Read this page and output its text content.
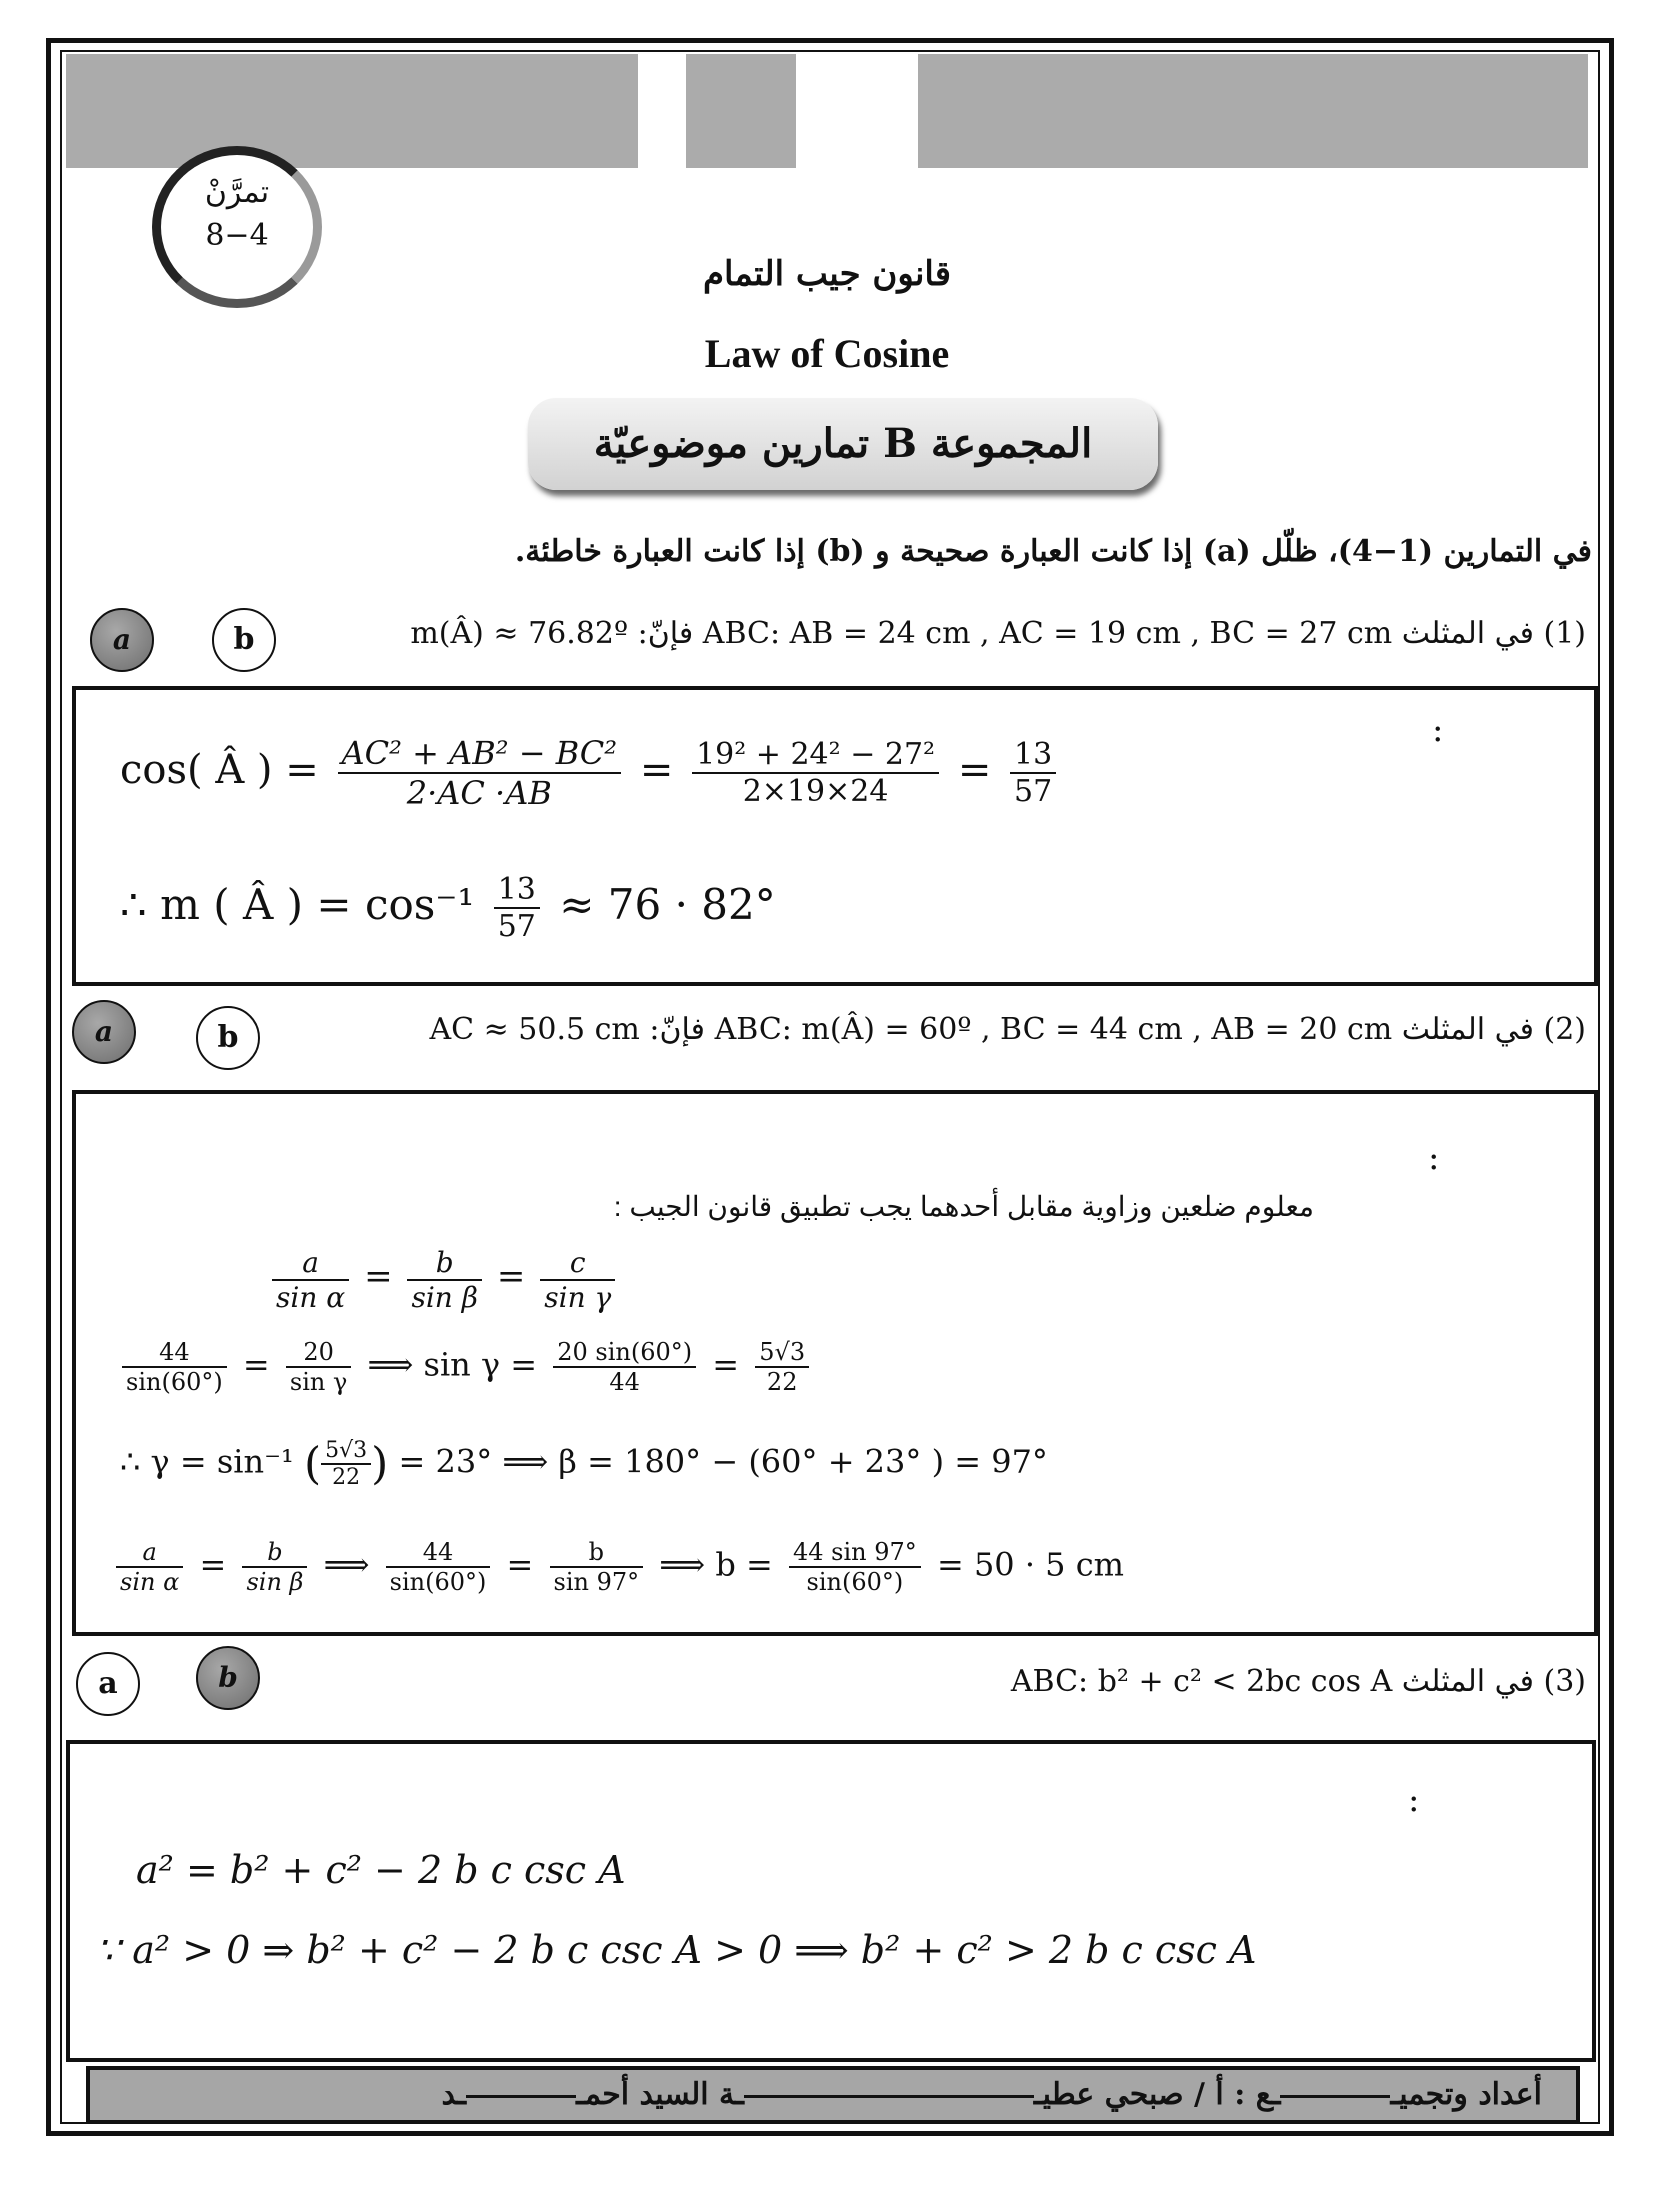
تمرَّنْ
8−4
قانون جيب التمام
Law of Cosine
المجموعة B تمارين موضوعيّة
في التمارين (1−4)، ظلّل (a) إذا كانت العبارة صحيحة و (b) إذا كانت العبارة خاطئة.
a	b	(1) في المثلث ABC: AB = 24 cm , AC = 19 cm , BC = 27 cm فإنّ: m(Â) ≈ 76.82º
:
cos( Â ) = $\frac{\text{AC² + AB² − BC²}}{2\cdot AC \cdot AB} = \frac{\text{19² + 24² − 27²}}{2\times 19\times 24} = \frac{13}{57}$
∴ m ( Â ) = $\cos^{-1} \frac{13}{57} \approx 76 \cdot 82^\circ$
a	b	(2) في المثلث ABC: m(Â) = 60º , BC = 44 cm , AB = 20 cm فإنّ: AC ≈ 50.5 cm
:
معلوم ضلعين وزاوية مقابل أحدهما يجب تطبيق قانون الجيب :
$\frac{a}{\text{sin α}} = \frac{b}{\text{sin β}} = \frac{c}{\text{sin γ}}$
$\frac{44}{\sin(60^\circ)} = \frac{20}{\text{sin γ}}$ ⟹ $\sin \gamma = \frac{20 \sin(60^\circ)}{44} = \frac{5√3}{22}$
∴ γ = sin⁻¹ ( $\frac{5√3}{22}$ ) = 23° ⟹ β = 180° − (60° + 23° ) = 97°
$\frac{a}{\text{sin α}} = \frac{b}{\text{sin β}}$ ⟹ $\frac{44}{\sin(60^\circ)} = \frac{b}{\sin 97^\circ}$ ⟹ $b = \frac{44 \sin 97^\circ}{\sin(60^\circ)} = 50 \cdot 5$ cm
a	b	(3) في المثلث ABC: b² + c² < 2bc cos A
:
a² = b² + c² − 2 b c csc A
∵ a² > 0 ⇒ b² + c² − 2 b c csc A > 0 ⟹ b² + c² > 2 b c csc A
أعداد وتجميــع : أ / صبحي عطيــة السيد أحمــد
